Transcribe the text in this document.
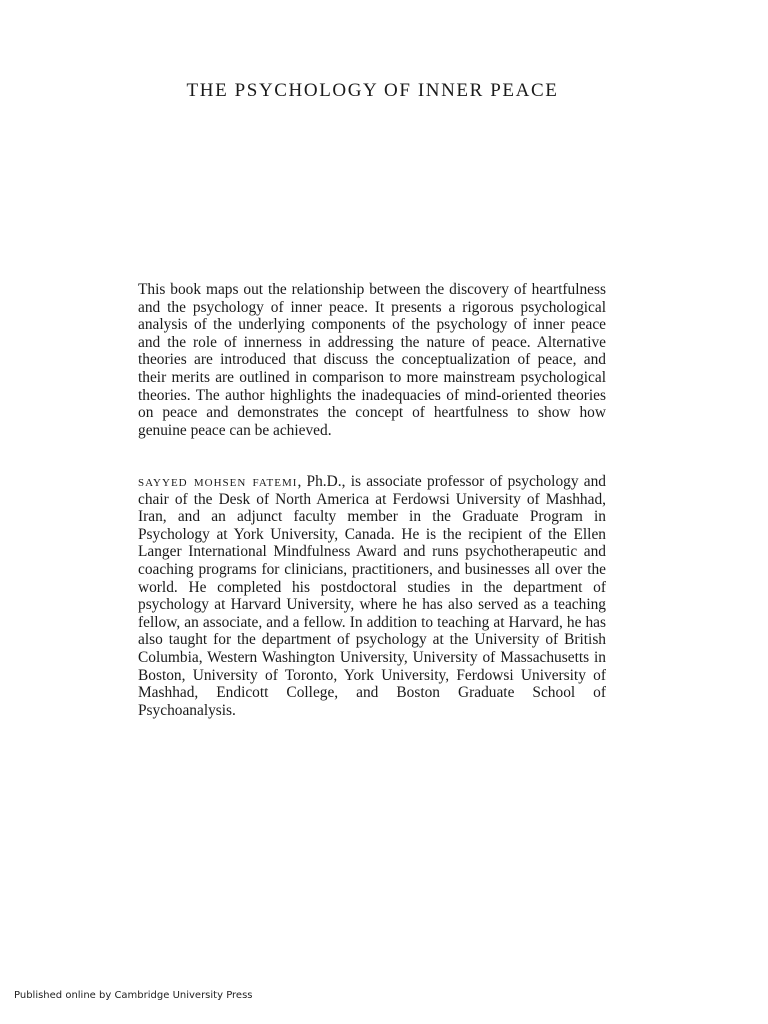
THE PSYCHOLOGY OF INNER PEACE

This book maps out the relationship between the discovery of heartfulness and the psychology of inner peace. It presents a rigorous psychological analysis of the underlying components of the psychology of inner peace and the role of innerness in addressing the nature of peace. Alternative theories are introduced that discuss the conceptualization of peace, and their merits are outlined in comparison to more mainstream psychological theories. The author highlights the inadequacies of mind-oriented theories on peace and demonstrates the concept of heartfulness to show how genuine peace can be achieved.

sayyed mohsen fatemi, Ph.D., is associate professor of psychology and chair of the Desk of North America at Ferdowsi University of Mashhad, Iran, and an adjunct faculty member in the Graduate Program in Psychology at York University, Canada. He is the recipient of the Ellen Langer International Mindfulness Award and runs psychotherapeutic and coaching programs for clinicians, practitioners, and businesses all over the world. He completed his postdoctoral studies in the department of psychology at Harvard University, where he has also served as a teaching fellow, an associate, and a fellow. In addition to teaching at Harvard, he has also taught for the department of psychology at the University of British Columbia, Western Washington University, University of Massachusetts in Boston, University of Toronto, York University, Ferdowsi University of Mashhad, Endicott College, and Boston Graduate School of Psychoanalysis.

Published online by Cambridge University Press
